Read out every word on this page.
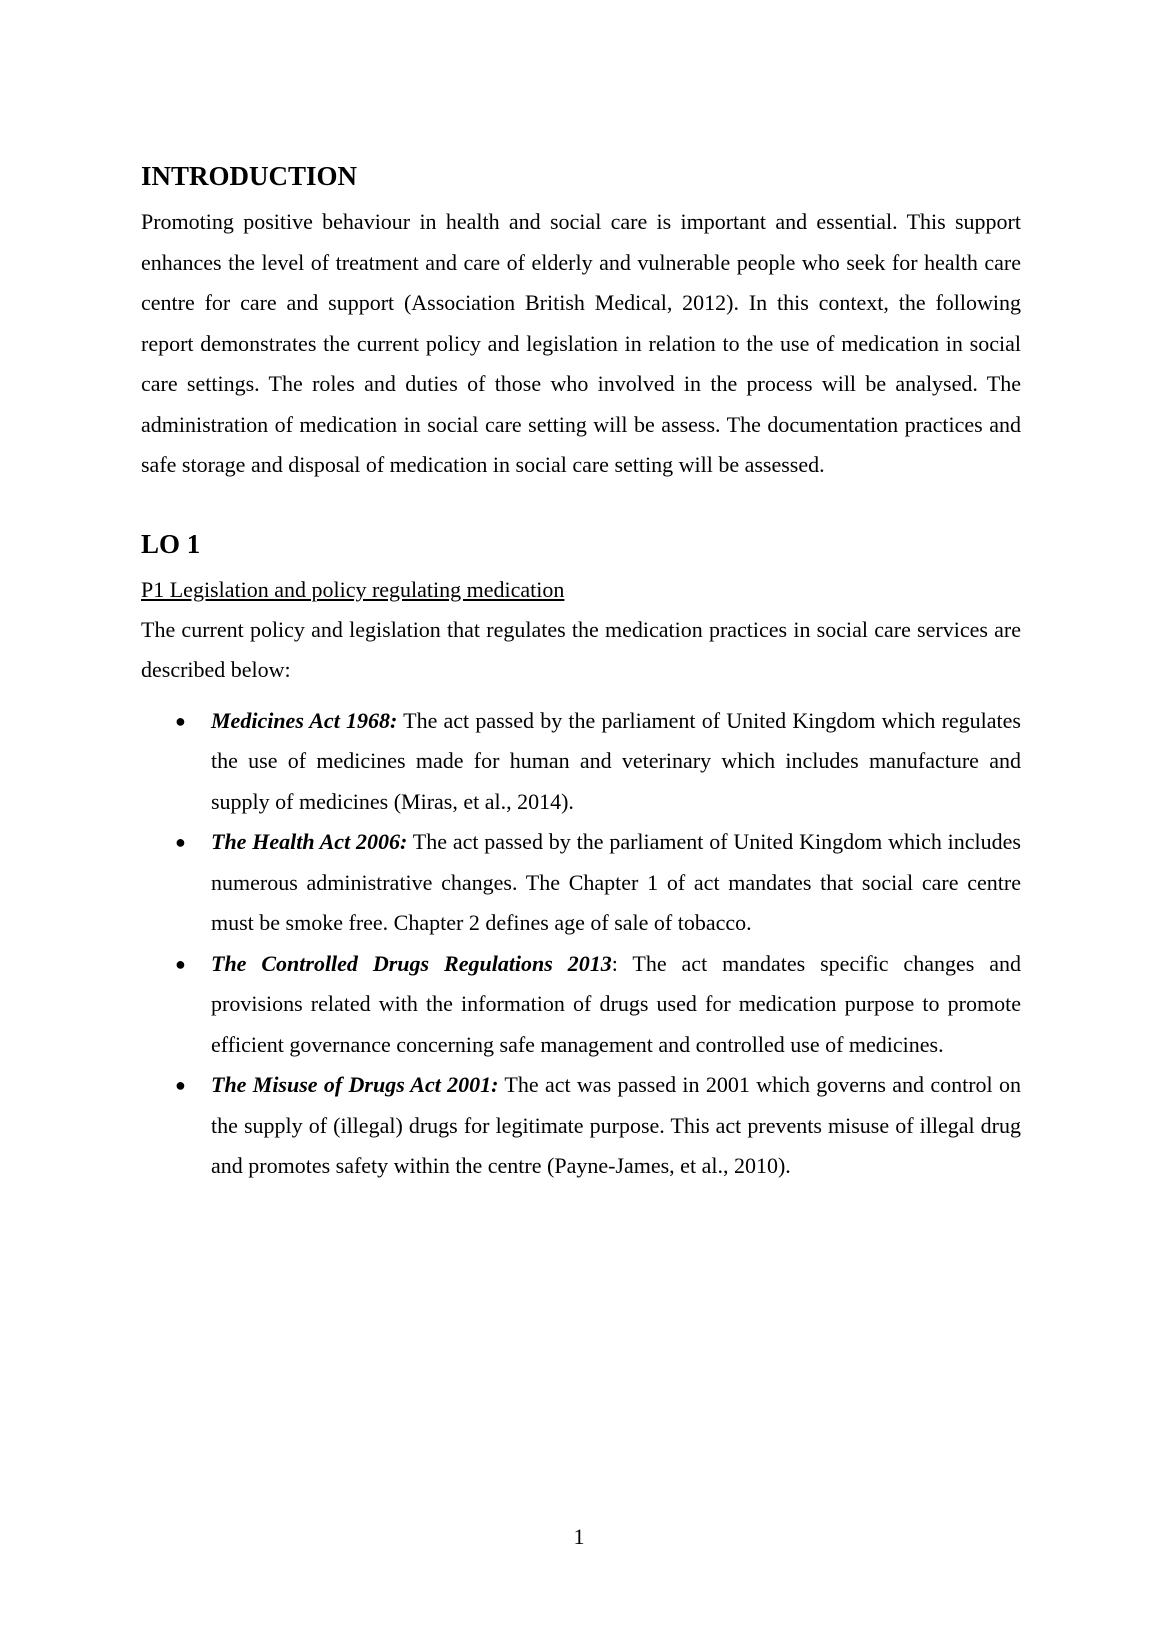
INTRODUCTION

Promoting positive behaviour in health and social care is important and essential. This support enhances the level of treatment and care of elderly and vulnerable people who seek for health care centre for care and support (Association British Medical, 2012). In this context, the following report demonstrates the current policy and legislation in relation to the use of medication in social care settings. The roles and duties of those who involved in the process will be analysed. The administration of medication in social care setting will be assess. The documentation practices and safe storage and disposal of medication in social care setting will be assessed.

LO 1
P1 Legislation and policy regulating medication

The current policy and legislation that regulates the medication practices in social care services are described below:

● Medicines Act 1968: The act passed by the parliament of United Kingdom which regulates the use of medicines made for human and veterinary which includes manufacture and supply of medicines (Miras, et al., 2014).
● The Health Act 2006: The act passed by the parliament of United Kingdom which includes numerous administrative changes. The Chapter 1 of act mandates that social care centre must be smoke free. Chapter 2 defines age of sale of tobacco.
● The Controlled Drugs Regulations 2013: The act mandates specific changes and provisions related with the information of drugs used for medication purpose to promote efficient governance concerning safe management and controlled use of medicines.
● The Misuse of Drugs Act 2001: The act was passed in 2001 which governs and control on the supply of (illegal) drugs for legitimate purpose. This act prevents misuse of illegal drug and promotes safety within the centre (Payne-James, et al., 2010).
1
